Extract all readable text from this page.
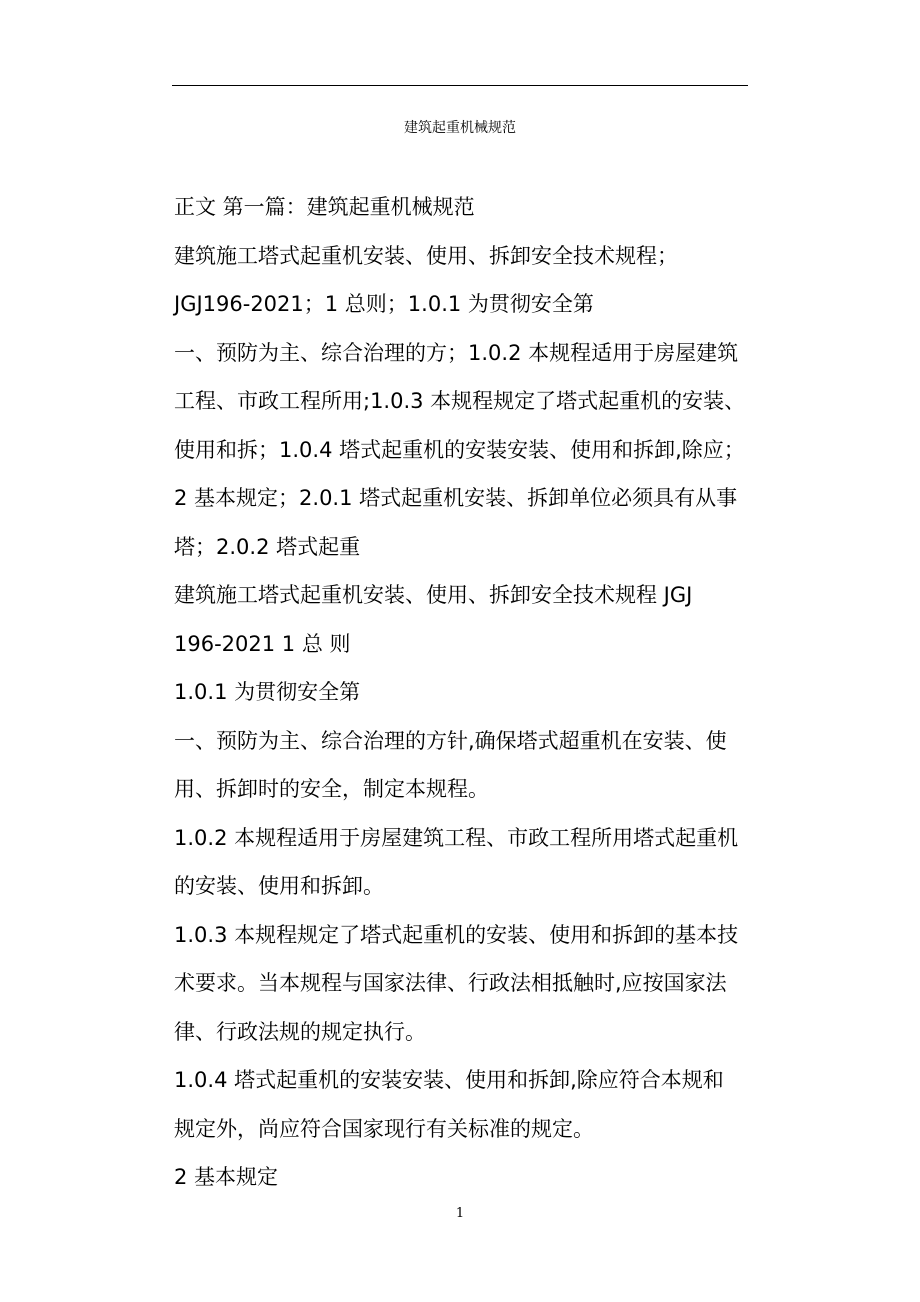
建筑起重机械规范
正文 第一篇：建筑起重机械规范
建筑施工塔式起重机安装、使用、拆卸安全技术规程；
JGJ196-2021；1 总则；1.0.1 为贯彻安全第
一、预防为主、综合治理的方；1.0.2 本规程适用于房屋建筑
工程、市政工程所用;1.0.3 本规程规定了塔式起重机的安装、
使用和拆；1.0.4 塔式起重机的安装安装、使用和拆卸,除应；
2 基本规定；2.0.1 塔式起重机安装、拆卸单位必须具有从事
塔；2.0.2 塔式起重
建筑施工塔式起重机安装、使用、拆卸安全技术规程 JGJ
196-2021 1 总 则
1.0.1 为贯彻安全第
一、预防为主、综合治理的方针,确保塔式超重机在安装、使
用、拆卸时的安全，制定本规程。
1.0.2 本规程适用于房屋建筑工程、市政工程所用塔式起重机
的安装、使用和拆卸。
1.0.3 本规程规定了塔式起重机的安装、使用和拆卸的基本技
术要求。当本规程与国家法律、行政法相抵触时,应按国家法
律、行政法规的规定执行。
1.0.4 塔式起重机的安装安装、使用和拆卸,除应符合本规和
规定外，尚应符合国家现行有关标准的规定。
2 基本规定
1
